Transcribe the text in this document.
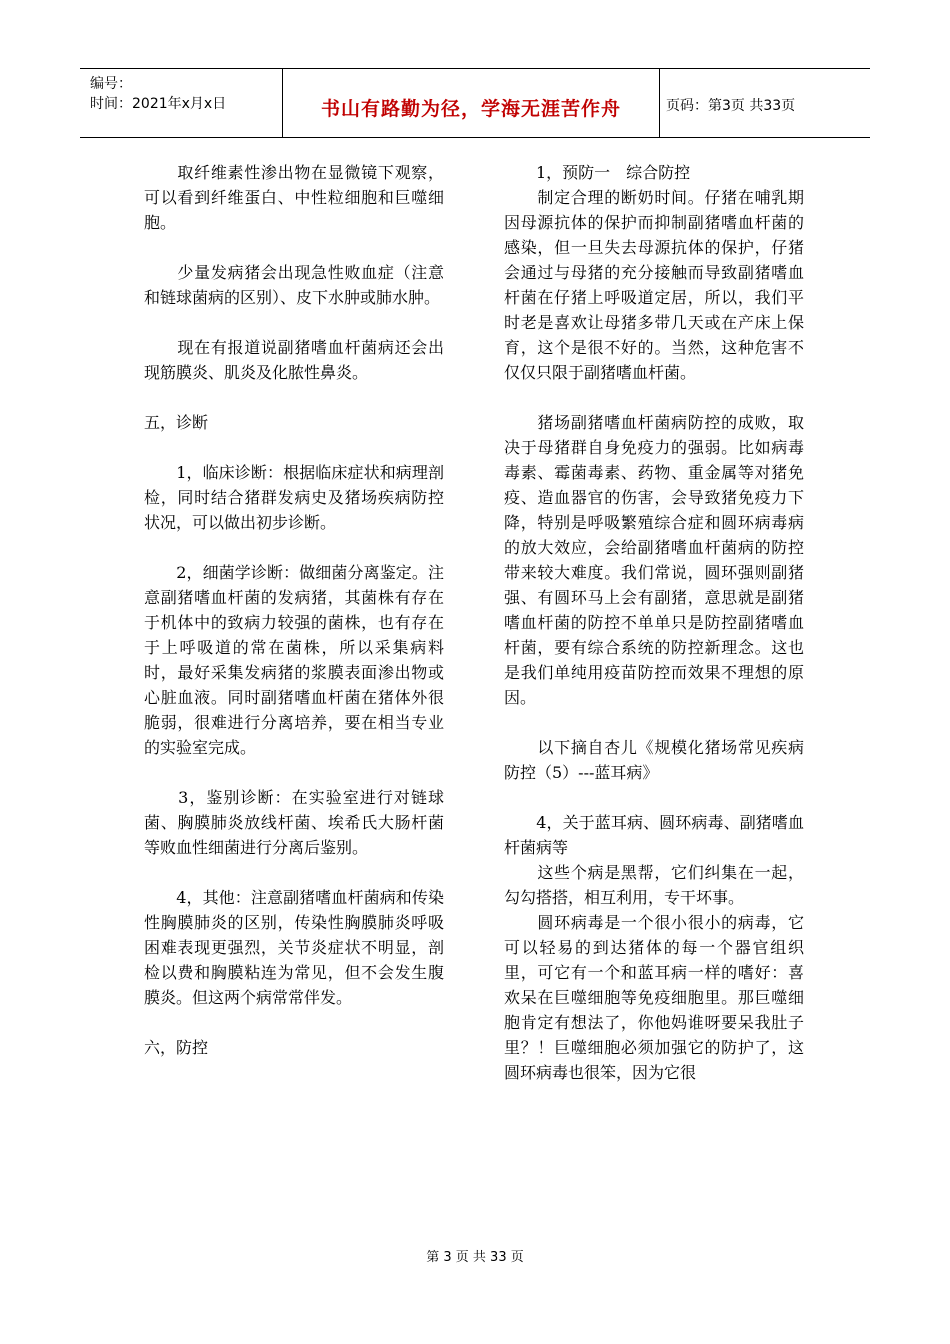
编号：
时间：2021年x月x日	书山有路勤为径，学海无涯苦作舟	页码：第3页 共33页

　　取纤维素性渗出物在显微镜下观察，可以看到纤维蛋白、中性粒细胞和巨噬细胞。

　　少量发病猪会出现急性败血症（注意和链球菌病的区别）、皮下水肿或肺水肿。

　　现在有报道说副猪嗜血杆菌病还会出现筋膜炎、肌炎及化脓性鼻炎。

五，诊断

　　1，临床诊断：根据临床症状和病理剖检，同时结合猪群发病史及猪场疾病防控状况，可以做出初步诊断。

　　2，细菌学诊断：做细菌分离鉴定。注意副猪嗜血杆菌的发病猪，其菌株有存在于机体中的致病力较强的菌株，也有存在于上呼吸道的常在菌株，所以采集病料时，最好采集发病猪的浆膜表面渗出物或心脏血液。同时副猪嗜血杆菌在猪体外很脆弱，很难进行分离培养，要在相当专业的实验室完成。

　　3，鉴别诊断：在实验室进行对链球菌、胸膜肺炎放线杆菌、埃希氏大肠杆菌等败血性细菌进行分离后鉴别。

　　4，其他：注意副猪嗜血杆菌病和传染性胸膜肺炎的区别，传染性胸膜肺炎呼吸困难表现更强烈，关节炎症状不明显，剖检以费和胸膜粘连为常见，但不会发生腹膜炎。但这两个病常常伴发。

六，防控

　　1，预防一　综合防控

　　制定合理的断奶时间。仔猪在哺乳期因母源抗体的保护而抑制副猪嗜血杆菌的感染，但一旦失去母源抗体的保护，仔猪会通过与母猪的充分接触而导致副猪嗜血杆菌在仔猪上呼吸道定居，所以，我们平时老是喜欢让母猪多带几天或在产床上保育，这个是很不好的。当然，这种危害不仅仅只限于副猪嗜血杆菌。

　　猪场副猪嗜血杆菌病防控的成败，取决于母猪群自身免疫力的强弱。比如病毒毒素、霉菌毒素、药物、重金属等对猪免疫、造血器官的伤害，会导致猪免疫力下降，特别是呼吸繁殖综合症和圆环病毒病的放大效应，会给副猪嗜血杆菌病的防控带来较大难度。我们常说，圆环强则副猪强、有圆环马上会有副猪，意思就是副猪嗜血杆菌的防控不单单只是防控副猪嗜血杆菌，要有综合系统的防控新理念。这也是我们单纯用疫苗防控而效果不理想的原因。

　　以下摘自杏儿《规模化猪场常见疾病防控（5）---蓝耳病》

　　4，关于蓝耳病、圆环病毒、副猪嗜血杆菌病等

　　这些个病是黑帮，它们纠集在一起，勾勾搭搭，相互利用，专干坏事。

　　圆环病毒是一个很小很小的病毒，它可以轻易的到达猪体的每一个器官组织里，可它有一个和蓝耳病一样的嗜好：喜欢呆在巨噬细胞等免疫细胞里。那巨噬细胞肯定有想法了，你他妈谁呀要呆我肚子里？！巨噬细胞必须加强它的防护了，这圆环病毒也很笨，因为它很

第 3 页 共 33 页
